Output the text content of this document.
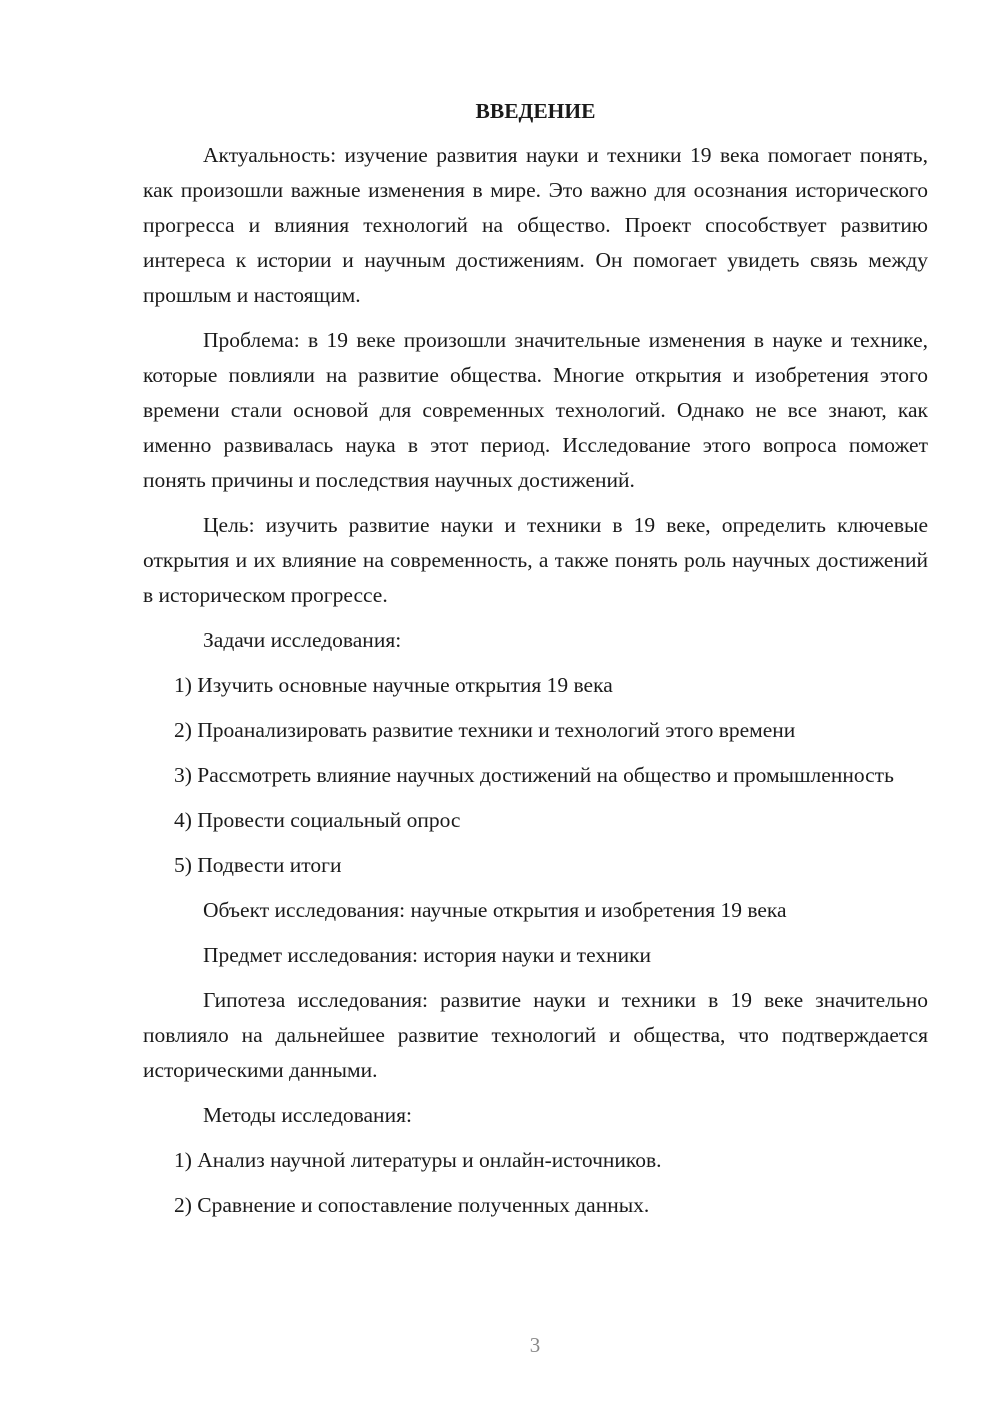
ВВЕДЕНИЕ

Актуальность: изучение развития науки и техники 19 века помогает понять, как произошли важные изменения в мире. Это важно для осознания исторического прогресса и влияния технологий на общество. Проект способствует развитию интереса к истории и научным достижениям. Он помогает увидеть связь между прошлым и настоящим.

Проблема: в 19 веке произошли значительные изменения в науке и технике, которые повлияли на развитие общества. Многие открытия и изобретения этого времени стали основой для современных технологий. Однако не все знают, как именно развивалась наука в этот период. Исследование этого вопроса поможет понять причины и последствия научных достижений.

Цель: изучить развитие науки и техники в 19 веке, определить ключевые открытия и их влияние на современность, а также понять роль научных достижений в историческом прогрессе.

Задачи исследования:

1) Изучить основные научные открытия 19 века

2) Проанализировать развитие техники и технологий этого времени

3) Рассмотреть влияние научных достижений на общество и промышленность

4) Провести социальный опрос

5) Подвести итоги

Объект исследования: научные открытия и изобретения 19 века

Предмет исследования: история науки и техники

Гипотеза исследования: развитие науки и техники в 19 веке значительно повлияло на дальнейшее развитие технологий и общества, что подтверждается историческими данными.

Методы исследования:

1) Анализ научной литературы и онлайн-источников.

2) Сравнение и сопоставление полученных данных.

3
